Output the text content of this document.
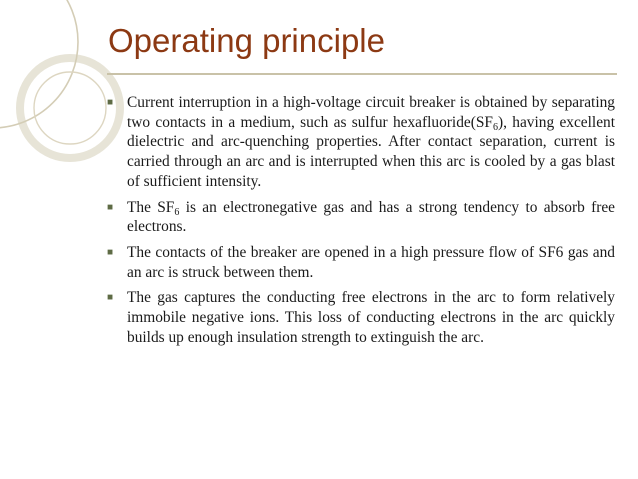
Operating principle
■ Current interruption in a high-voltage circuit breaker is obtained by separating two contacts in a medium, such as sulfur $hexafluoride(SF_6)$, having excellent dielectric and arc-quenching properties. After contact separation, current is carried through an arc and is interrupted when this arc is cooled by a gas blast of sufficient intensity.
■ The $SF_6$ is an electronegative gas and has a strong tendency to absorb free electrons.
■ The contacts of the breaker are opened in a high pressure flow of SF6 gas and an arc is struck between them.
■ The gas captures the conducting free electrons in the arc to form relatively immobile negative ions. This loss of conducting electrons in the arc quickly builds up enough insulation strength to extinguish the arc.
